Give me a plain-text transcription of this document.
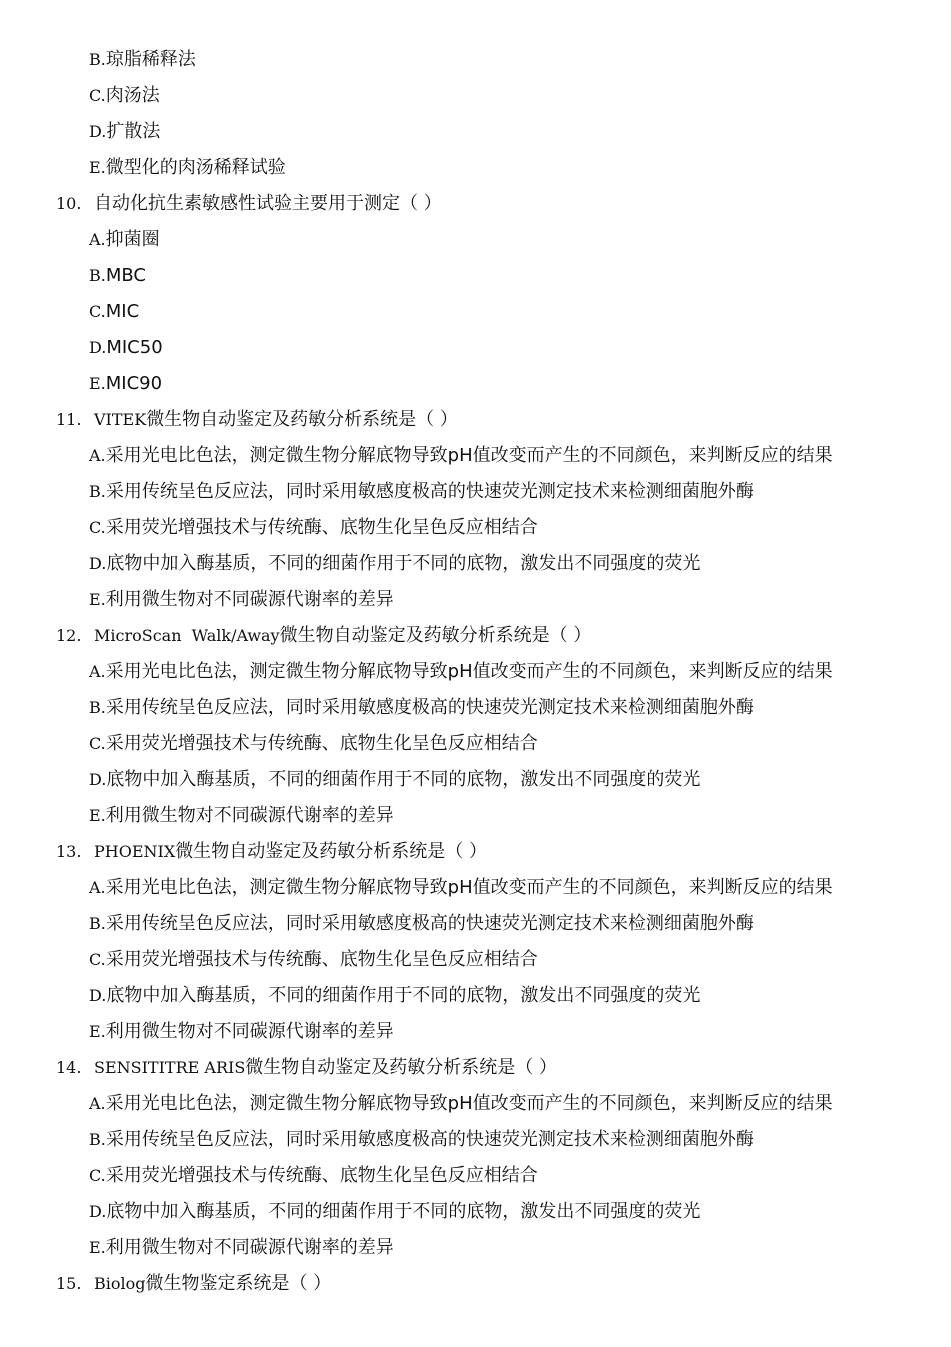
B.琼脂稀释法
C.肉汤法
D.扩散法
E.微型化的肉汤稀释试验
10. 自动化抗生素敏感性试验主要用于测定（ ）
A.抑菌圈
B.MBC
C.MIC
D.MIC50
E.MIC90
11. VITEK微生物自动鉴定及药敏分析系统是（ ）
A.采用光电比色法，测定微生物分解底物导致pH值改变而产生的不同颜色，来判断反应的结果
B.采用传统呈色反应法，同时采用敏感度极高的快速荧光测定技术来检测细菌胞外酶
C.采用荧光增强技术与传统酶、底物生化呈色反应相结合
D.底物中加入酶基质，不同的细菌作用于不同的底物，激发出不同强度的荧光
E.利用微生物对不同碳源代谢率的差异
12. MicroScan  Walk/Away微生物自动鉴定及药敏分析系统是（ ）
A.采用光电比色法，测定微生物分解底物导致pH值改变而产生的不同颜色，来判断反应的结果
B.采用传统呈色反应法，同时采用敏感度极高的快速荧光测定技术来检测细菌胞外酶
C.采用荧光增强技术与传统酶、底物生化呈色反应相结合
D.底物中加入酶基质，不同的细菌作用于不同的底物，激发出不同强度的荧光
E.利用微生物对不同碳源代谢率的差异
13. PHOENIX微生物自动鉴定及药敏分析系统是（ ）
A.采用光电比色法，测定微生物分解底物导致pH值改变而产生的不同颜色，来判断反应的结果
B.采用传统呈色反应法，同时采用敏感度极高的快速荧光测定技术来检测细菌胞外酶
C.采用荧光增强技术与传统酶、底物生化呈色反应相结合
D.底物中加入酶基质，不同的细菌作用于不同的底物，激发出不同强度的荧光
E.利用微生物对不同碳源代谢率的差异
14. SENSITITRE ARIS微生物自动鉴定及药敏分析系统是（ ）
A.采用光电比色法，测定微生物分解底物导致pH值改变而产生的不同颜色，来判断反应的结果
B.采用传统呈色反应法，同时采用敏感度极高的快速荧光测定技术来检测细菌胞外酶
C.采用荧光增强技术与传统酶、底物生化呈色反应相结合
D.底物中加入酶基质，不同的细菌作用于不同的底物，激发出不同强度的荧光
E.利用微生物对不同碳源代谢率的差异
15. Biolog微生物鉴定系统是（ ）
